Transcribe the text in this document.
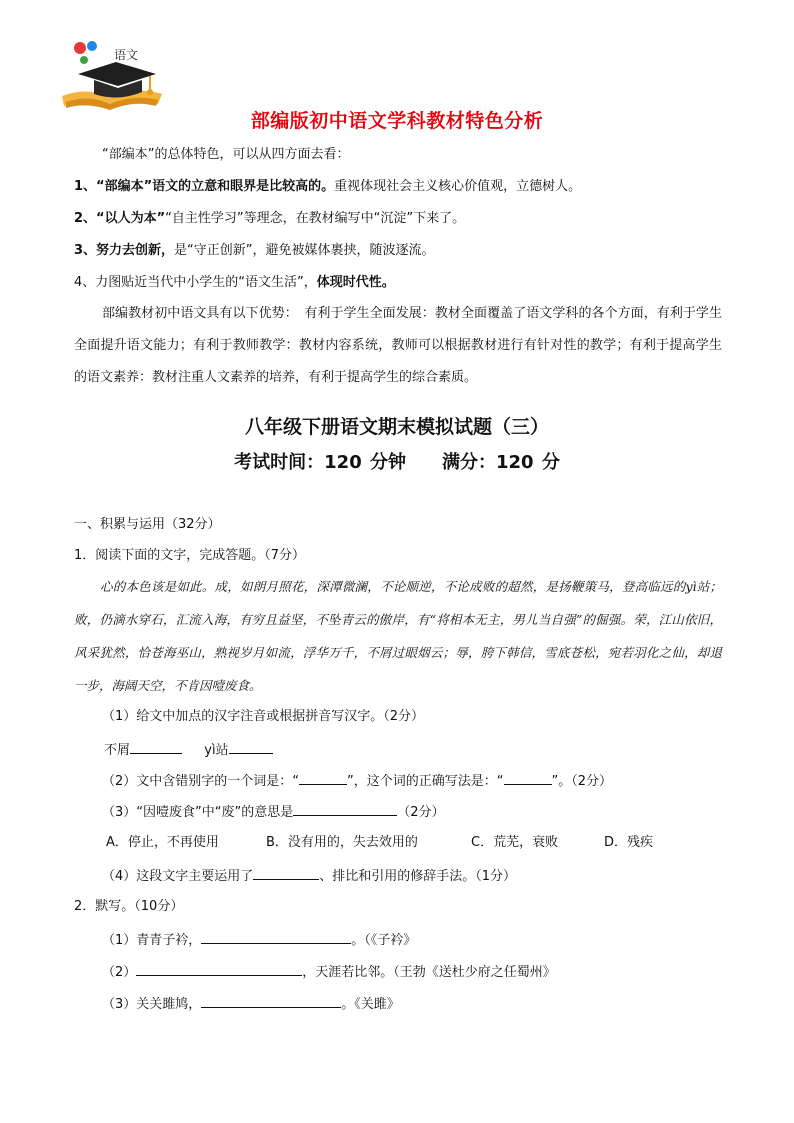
语文
部编版初中语文学科教材特色分析
“部编本”的总体特色，可以从四方面去看：
1、“部编本”语文的立意和眼界是比较高的。重视体现社会主义核心价值观，立德树人。
2、“以人为本”“自主性学习”等理念，在教材编写中“沉淀”下来了。
3、努力去创新，是“守正创新”，避免被媒体裹挟，随波逐流。
4、力图贴近当代中小学生的“语文生活”，体现时代性。
部编教材初中语文具有以下优势：　有利于学生全面发展：教材全面覆盖了语文学科的各个方面，有利于学生全面提升语文能力；有利于教师教学：教材内容系统，教师可以根据教材进行有针对性的教学；有利于提高学生的语文素养：教材注重人文素养的培养，有利于提高学生的综合素质。
八年级下册语文期末模拟试题（三）
考试时间：120 分钟 满分：120 分
一、积累与运用（32分）
1．阅读下面的文字，完成答题。（7分）
心的本色该是如此。成，如朗月照花，深潭微澜，不论顺逆，不论成败的超然，是扬鞭策马，登高临远的yì站；败，仍滴水穿石，汇流入海，有穷且益坚，不坠青云的傲岸，有“将相本无主，男儿当自强”的倔强。荣，江山依旧，风采犹然，恰苍海巫山，熟视岁月如流，浮华万千，不屑过眼烟云；辱，胯下韩信，雪底苍松，宛若羽化之仙，却退一步，海阔天空，不肯因噎废食。
（1）给文中加点的汉字注音或根据拼音写汉字。（2分）
不屑	yì站
（2）文中含错别字的一个词是：“	”，这个词的正确写法是：“	”。（2分）
（3）“因噎废食”中“废”的意思是	（2分）
A．停止，不再使用	B．没有用的，失去效用的	C．荒芜，衰败	D．残疾
（4）这段文字主要运用了	、排比和引用的修辞手法。（1分）
2．默写。（10分）
（1）青青子衿，	。（《子衿》
（2）	，天涯若比邻。（王勃《送杜少府之任蜀州》
（3）关关雎鸠，	。《关雎》
